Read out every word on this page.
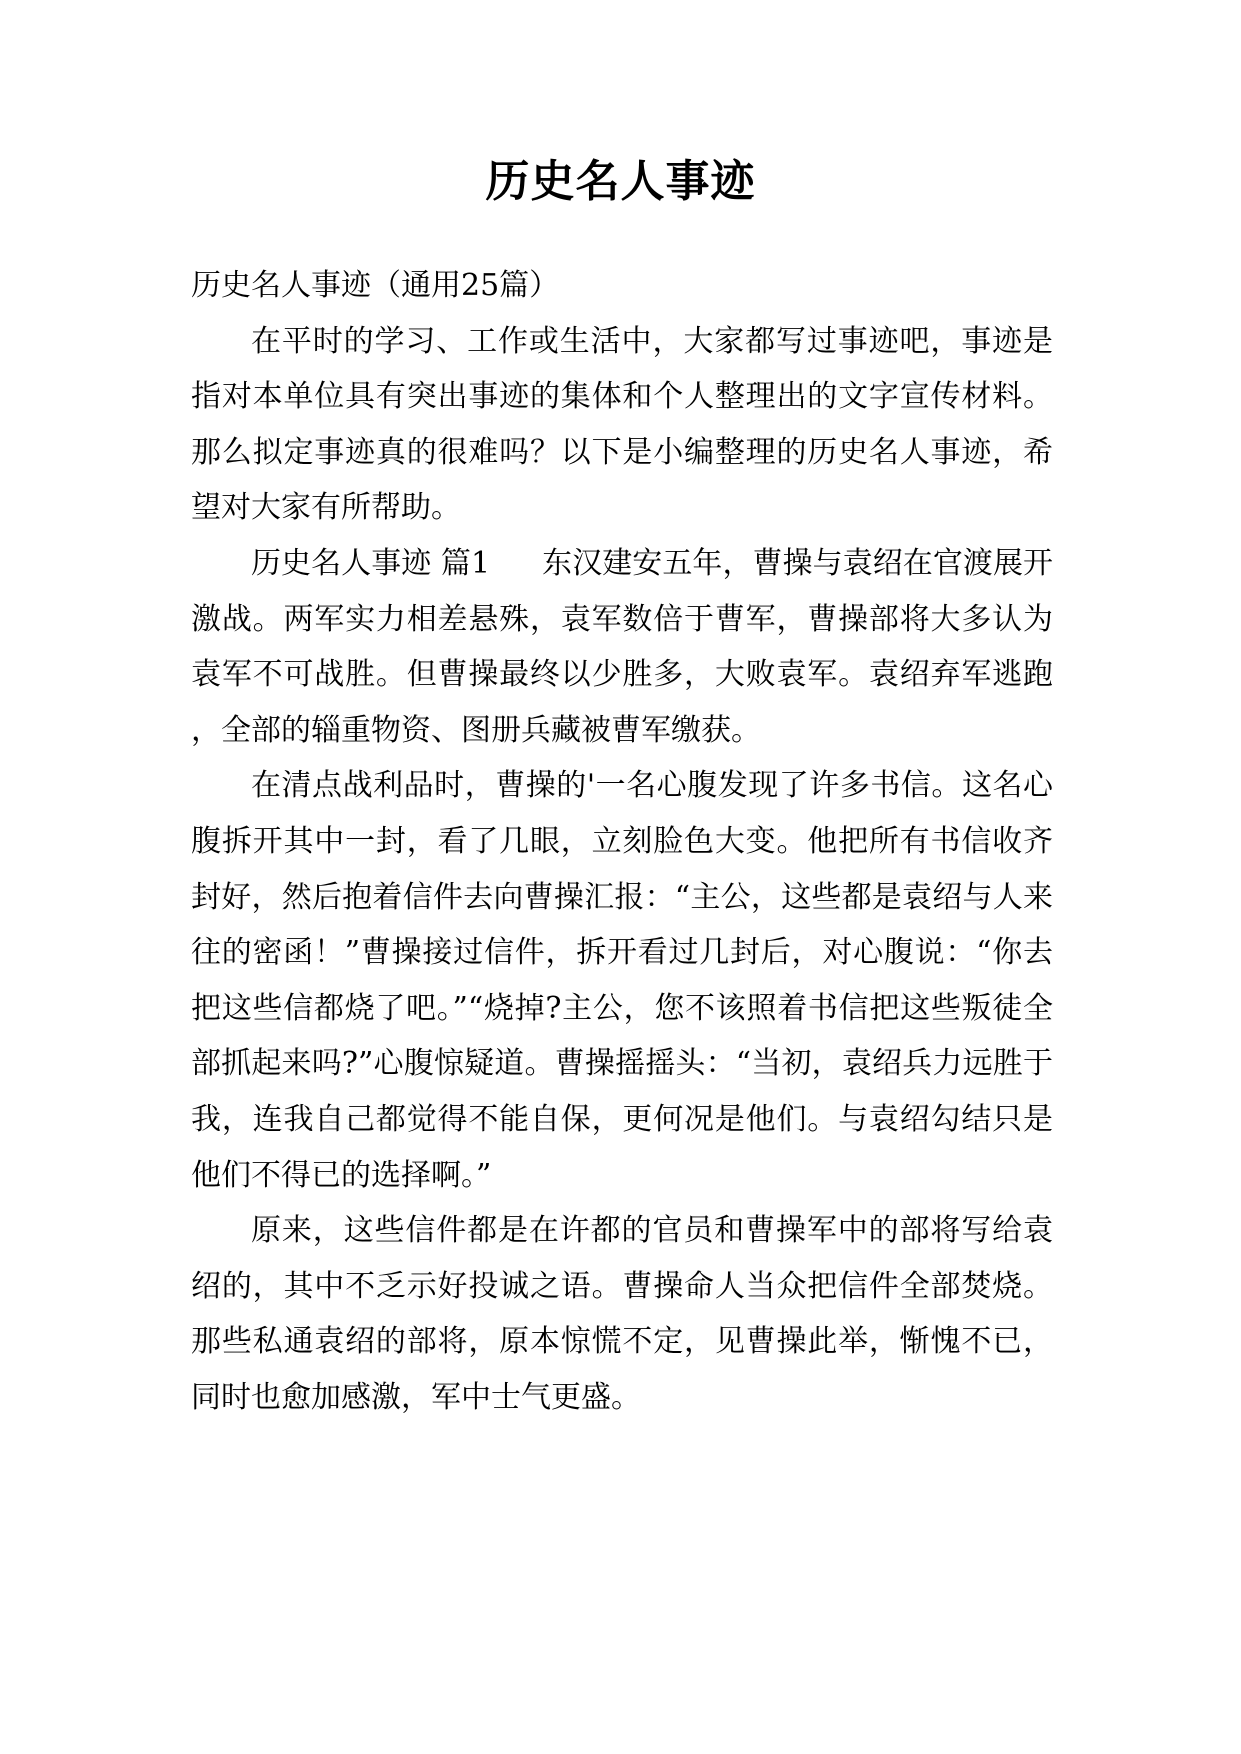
历史名人事迹

历史名人事迹（通用25篇）

在平时的学习、工作或生活中，大家都写过事迹吧，事迹是指对本单位具有突出事迹的集体和个人整理出的文字宣传材料。那么拟定事迹真的很难吗？以下是小编整理的历史名人事迹，希望对大家有所帮助。

历史名人事迹 篇1 东汉建安五年，曹操与袁绍在官渡展开激战。两军实力相差悬殊，袁军数倍于曹军，曹操部将大多认为袁军不可战胜。但曹操最终以少胜多，大败袁军。袁绍弃军逃跑，全部的辎重物资、图册兵藏被曹军缴获。

在清点战利品时，曹操的'一名心腹发现了许多书信。这名心腹拆开其中一封，看了几眼，立刻脸色大变。他把所有书信收齐封好，然后抱着信件去向曹操汇报：“主公，这些都是袁绍与人来往的密函！”曹操接过信件，拆开看过几封后，对心腹说：“你去把这些信都烧了吧。”“烧掉?主公，您不该照着书信把这些叛徒全部抓起来吗?”心腹惊疑道。曹操摇摇头：“当初，袁绍兵力远胜于我，连我自己都觉得不能自保，更何况是他们。与袁绍勾结只是他们不得已的选择啊。”

原来，这些信件都是在许都的官员和曹操军中的部将写给袁绍的，其中不乏示好投诚之语。曹操命人当众把信件全部焚烧。那些私通袁绍的部将，原本惊慌不定，见曹操此举，惭愧不已，同时也愈加感激，军中士气更盛。
